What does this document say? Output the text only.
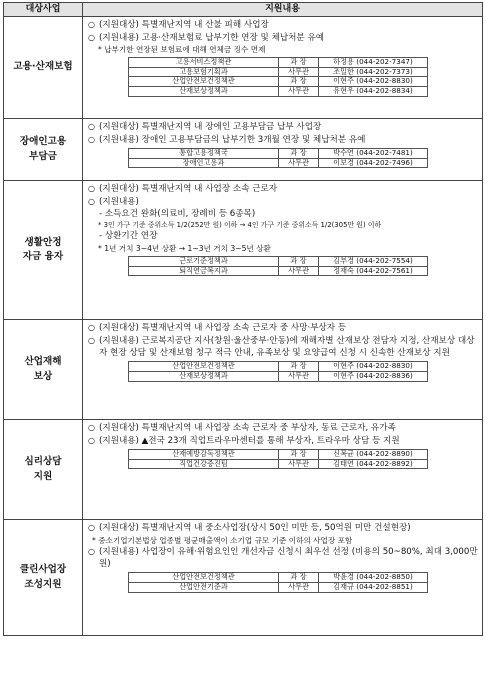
대상사업	지원내용
고용·산재보험	
○ (지원대상) 특별재난지역 내 산불 피해 사업장
○ (지원내용) 고용·산재보험료 납부기한 연장 및 체납처분 유예
* 납부기한 연장된 보험료에 대해 연체금 징수 면제
고용서비스정책관	과 장	하정용 (044-202-7347)
고용보험기획과	사무관	조일한 (044-202-7373)
산업안전보건정책관	과 장	이현주 (044-202-8830)
산재보상정책과	사무관	유현우 (044-202-8834)

장애인고용
부담금	
○ (지원대상) 특별재난지역 내 장애인 고용부담금 납부 사업장
○ (지원내용) 장애인 고용부담금의 납부기한 3개월 연장 및 체납처분 유예
통합고용정책국	과 장	박수연 (044-202-7481)
장애인고용과	사무관	이보경 (044-202-7496)

생활안정
자금 융자	
○ (지원대상) 특별재난지역 내 사업장 소속 근로자
○ (지원내용)
- 소득요건 완화(의료비, 장례비 등 6종목)
* 3인 가구 기준 중위소득 1/2(252만 원) 이하 → 4인 가구 기준 중위소득 1/2(305만 원) 이하
- 상환기간 연장
* 1년 거치 3~4년 상환 → 1~3년 거치 3~5년 상환
근로기준정책과	과 장	김부경 (044-202-7554)
퇴직연금복지과	사무관	정재숙 (044-202-7561)

산업재해
보상	
○ (지원대상) 특별재난지역 내 사업장 소속 근로자 중 사망·부상자 등
○ (지원내용) 근로복지공단 지사(창원·울산중부·안동)에 재해자별 산재보상 전담자 지정, 산재보상 대상자 현장 상담 및 산재보험 청구 적극 안내, 유족보상 및 요양급여 신청 시 신속한 산재보상 지원
산업안전보건정책관	과 장	이현주 (044-202-8830)
산재보상정책과	사무관	이현주 (044-202-8836)

심리상담
지원	
○ (지원대상) 특별재난지역 내 사업장 소속 근로자 중 부상자, 동료 근로자, 유가족
○ (지원내용) ▲전국 23개 직업트라우마센터를 통해 부상자, 트라우마 상담 등 지원
산재예방감독정책관	과 장	신복균 (044-202-8890)
직업건강증진팀	사무관	김태연 (044-202-8892)

클린사업장
조성지원	
○ (지원대상) 특별재난지역 내 중소사업장(상시 50인 미만 등, 50억원 미만 건설현장)
* 중소기업기본법상 업종별 평균매출액이 소기업 규모 기준 이하의 사업장 포함
○ (지원내용) 사업장이 유해·위험요인인 개선자금 신청시 최우선 선정 (비용의 50~80%, 최대 3,000만원)
산업안전보건정책관	과 장	박윤경 (044-202-8850)
산업안전기준과	사무관	김재규 (044-202-8851)
